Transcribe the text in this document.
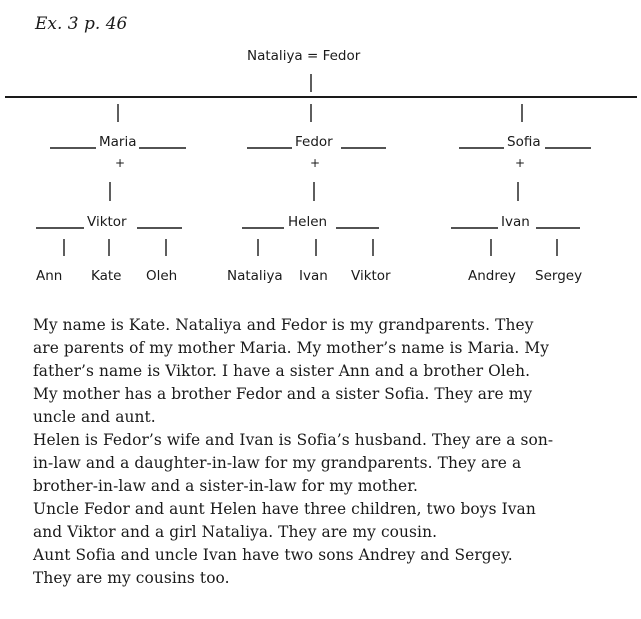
Ex. 3 p. 46
Nataliya = Fedor
Maria	Fedor	Sofia
+	+	+
Viktor	Helen	Ivan
Ann Kate Oleh	Nataliya Ivan Viktor	Andrey Sergey
My name is Kate. Nataliya and Fedor is my grandparents. They
are parents of my mother Maria. My mother’s name is Maria. My
father’s name is Viktor. I have a sister Ann and a brother Oleh.
My mother has a brother Fedor and a sister Sofia. They are my
uncle and aunt.
Helen is Fedor’s wife and Ivan is Sofia’s husband. They are a son-
in-law and a daughter-in-law for my grandparents. They are a
brother-in-law and a sister-in-law for my mother.
Uncle Fedor and aunt Helen have three children, two boys Ivan
and Viktor and a girl Nataliya. They are my cousin.
Aunt Sofia and uncle Ivan have two sons Andrey and Sergey.
They are my cousins too.
